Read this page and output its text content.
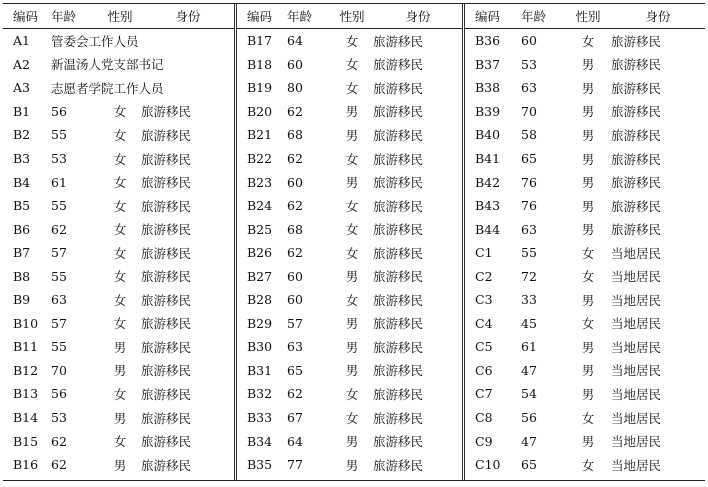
编码	年龄	性别	身份
A1	管委会工作人员		
A2	新温汤人党支部书记		
A3	志愿者学院工作人员		
B1	56	女	旅游移民
B2	55	女	旅游移民
B3	53	女	旅游移民
B4	61	女	旅游移民
B5	55	女	旅游移民
B6	62	女	旅游移民
B7	57	女	旅游移民
B8	55	女	旅游移民
B9	63	女	旅游移民
B10	57	女	旅游移民
B11	55	男	旅游移民
B12	70	男	旅游移民
B13	56	女	旅游移民
B14	53	男	旅游移民
B15	62	女	旅游移民
B16	62	男	旅游移民
编码	年龄	性别	身份
B17	64	女	旅游移民
B18	60	女	旅游移民
B19	80	女	旅游移民
B20	62	男	旅游移民
B21	68	男	旅游移民
B22	62	女	旅游移民
B23	60	男	旅游移民
B24	62	女	旅游移民
B25	68	女	旅游移民
B26	62	女	旅游移民
B27	60	男	旅游移民
B28	60	女	旅游移民
B29	57	男	旅游移民
B30	63	男	旅游移民
B31	65	男	旅游移民
B32	62	女	旅游移民
B33	67	女	旅游移民
B34	64	男	旅游移民
B35	77	男	旅游移民
编码	年龄	性别	身份
B36	60	女	旅游移民
B37	53	男	旅游移民
B38	63	男	旅游移民
B39	70	男	旅游移民
B40	58	男	旅游移民
B41	65	男	旅游移民
B42	76	男	旅游移民
B43	76	男	旅游移民
B44	63	男	旅游移民
C1	55	女	当地居民
C2	72	女	当地居民
C3	33	男	当地居民
C4	45	女	当地居民
C5	61	男	当地居民
C6	47	男	当地居民
C7	54	男	当地居民
C8	56	女	当地居民
C9	47	男	当地居民
C10	65	女	当地居民
